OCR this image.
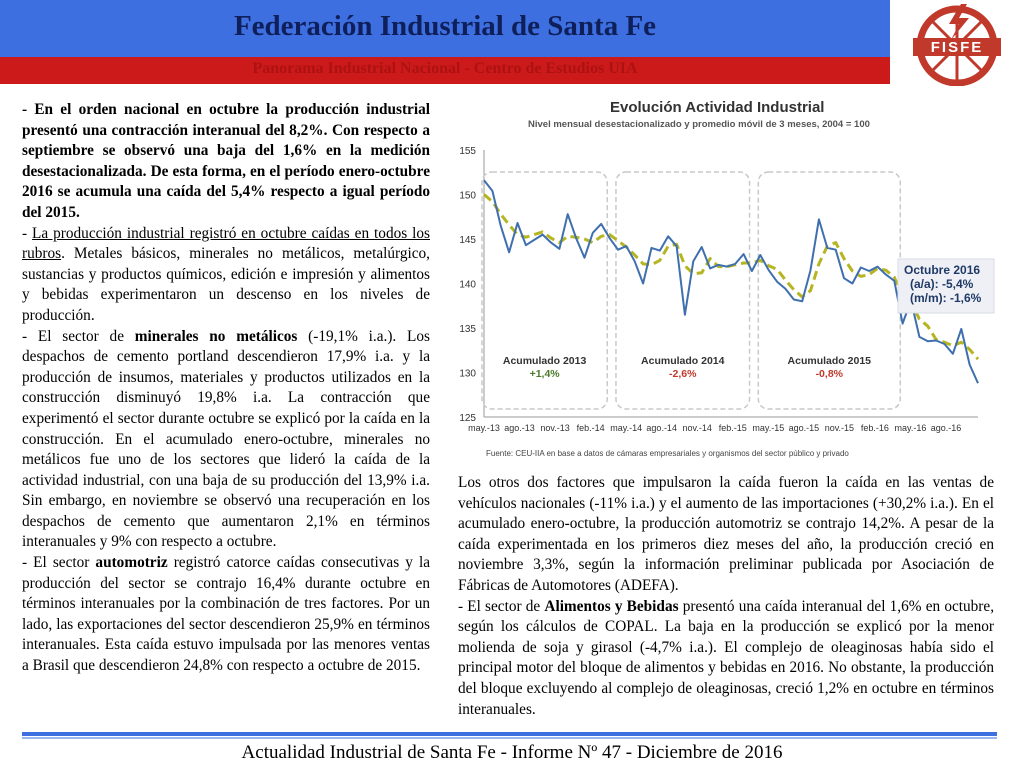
Federación Industrial de Santa Fe
Panorama Industrial Nacional - Centro de Estudios UIA
FISFE

- En el orden nacional en octubre la producción industrial presentó una contracción interanual del 8,2%. Con respecto a septiembre se observó una baja del 1,6% en la medición desestacionalizada. De esta forma, en el período enero-octubre 2016 se acumula una caída del 5,4% respecto a igual período del 2015.

- La producción industrial registró en octubre caídas en todos los rubros. Metales básicos, minerales no metálicos, metalúrgico, sustancias y productos químicos, edición e impresión y alimentos y bebidas experimentaron un descenso en los niveles de producción.

- El sector de minerales no metálicos (-19,1% i.a.). Los despachos de cemento portland descendieron 17,9% i.a. y la producción de insumos, materiales y productos utilizados en la construcción disminuyó 19,8% i.a. La contracción que experimentó el sector durante octubre se explicó por la caída en la construcción. En el acumulado enero-octubre, minerales no metálicos fue uno de los sectores que lideró la caída de la actividad industrial, con una baja de su producción del 13,9% i.a. Sin embargo, en noviembre se observó una recuperación en los despachos de cemento que aumentaron 2,1% en términos interanuales y 9% con respecto a octubre.

- El sector automotriz registró catorce caídas consecutivas y la producción del sector se contrajo 16,4% durante octubre en términos interanuales por la combinación de tres factores. Por un lado, las exportaciones del sector descendieron 25,9% en términos interanuales. Esta caída estuvo impulsada por las menores ventas a Brasil que descendieron 24,8% con respecto a octubre de 2015.

Evolución Actividad Industrial
Nivel mensual desestacionalizado y promedio móvil de 3 meses, 2004 = 100
125
130
135
140
145
150
155
may.-13 ago.-13 nov.-13 feb.-14 may.-14 ago.-14 nov.-14 feb.-15 may.-15 ago.-15 nov.-15 feb.-16 may.-16 ago.-16
Acumulado 2013
+1,4%
Acumulado 2014
-2,6%
Acumulado 2015
-0,8%
Octubre 2016
(a/a): -5,4%
(m/m): -1,6%
Fuente: CEU-IIA en base a datos de cámaras empresariales y organismos del sector público y privado

Los otros dos factores que impulsaron la caída fueron la caída en las ventas de vehículos nacionales (-11% i.a.) y el aumento de las importaciones (+30,2% i.a.). En el acumulado enero-octubre, la producción automotriz se contrajo 14,2%. A pesar de la caída experimentada en los primeros diez meses del año, la producción creció en noviembre 3,3%, según la información preliminar publicada por Asociación de Fábricas de Automotores (ADEFA).

- El sector de Alimentos y Bebidas presentó una caída interanual del 1,6% en octubre, según los cálculos de COPAL. La baja en la producción se explicó por la menor molienda de soja y girasol (-4,7% i.a.). El complejo de oleaginosas había sido el principal motor del bloque de alimentos y bebidas en 2016. No obstante, la producción del bloque excluyendo al complejo de oleaginosas, creció 1,2% en octubre en términos interanuales.

Actualidad Industrial de Santa Fe - Informe Nº 47 - Diciembre de 2016
